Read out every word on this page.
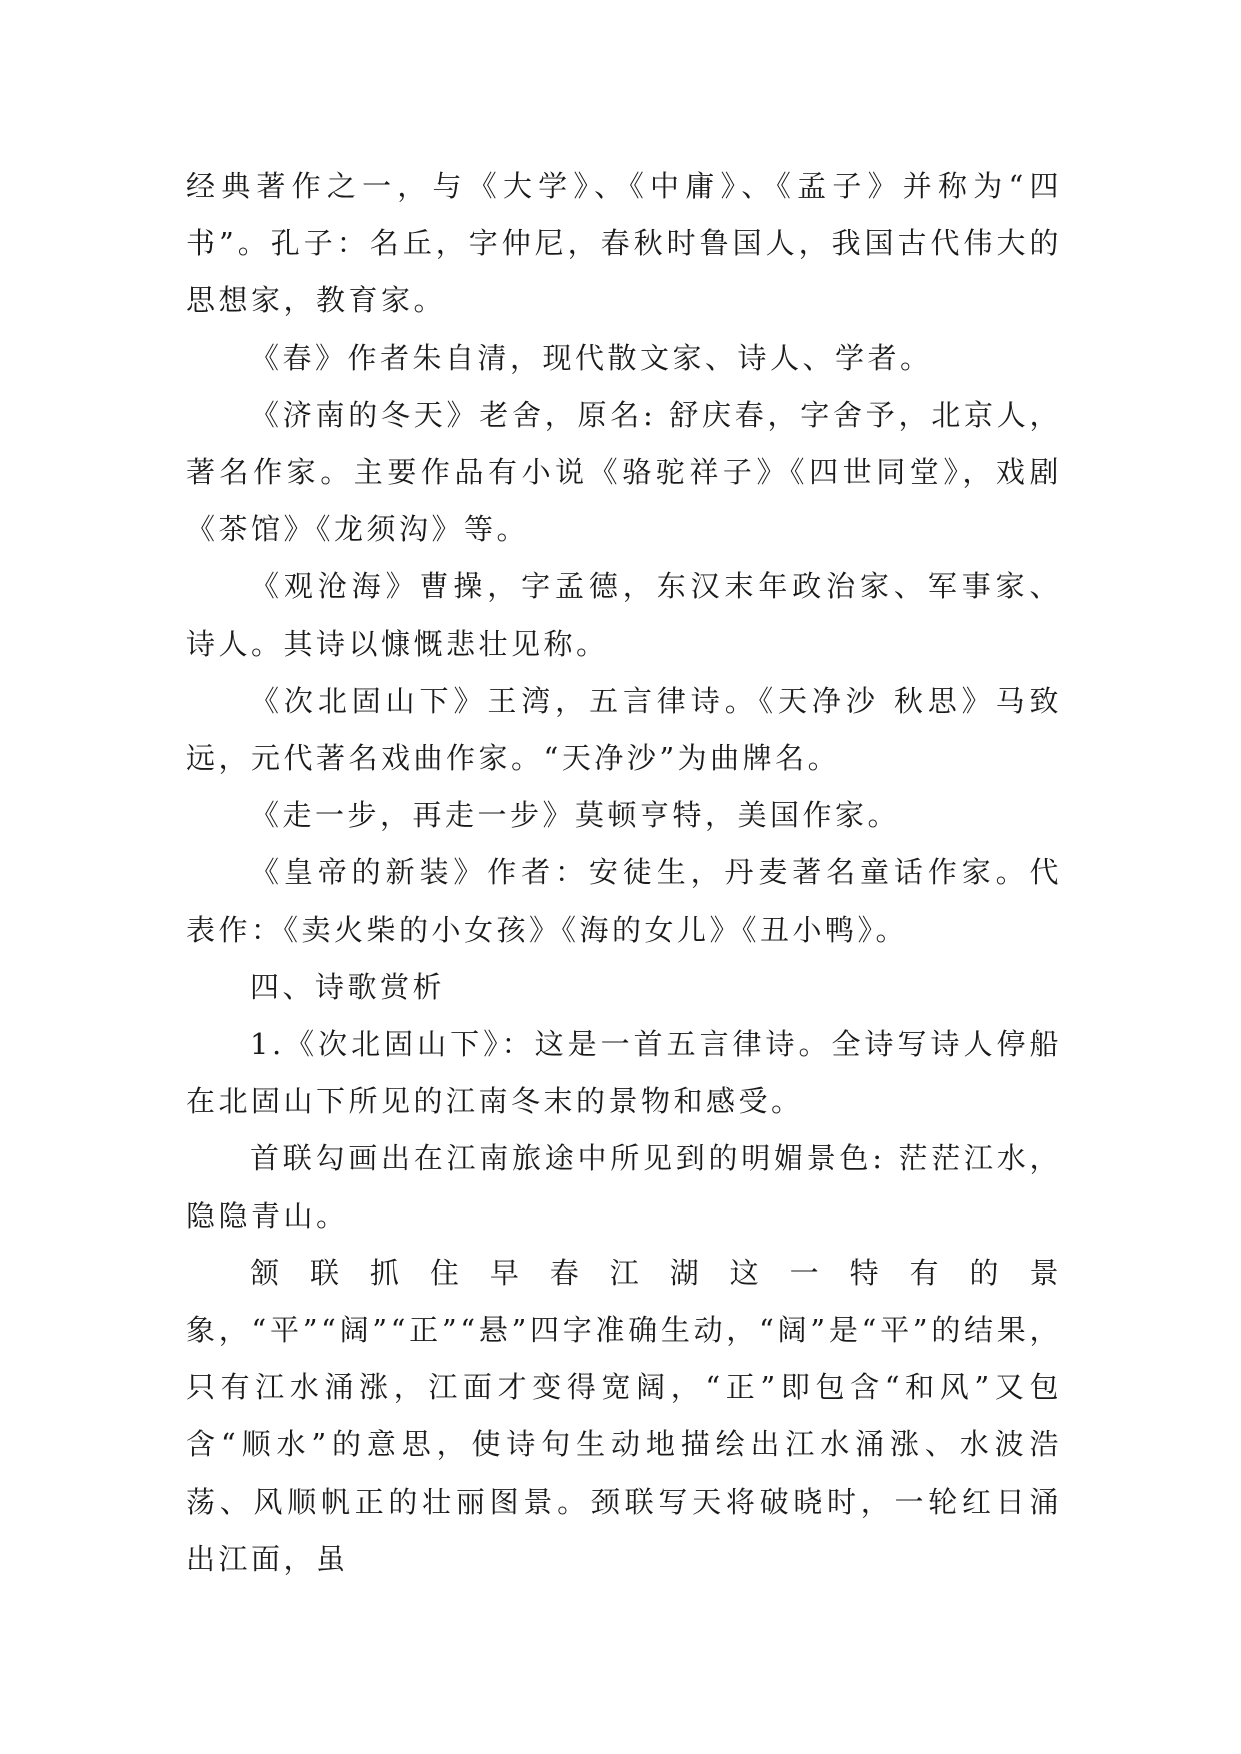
经典著作之一，与《大学》、《中庸》、《孟子》并称为“四书”。孔子：名丘，字仲尼，春秋时鲁国人，我国古代伟大的思想家，教育家。

《春》作者朱自清，现代散文家、诗人、学者。

《济南的冬天》老舍，原名: 舒庆春，字舍予，北京人，著名作家。主要作品有小说《骆驼祥子》《四世同堂》，戏剧《茶馆》《龙须沟》等。

《观沧海》曹操，字孟德，东汉末年政治家、军事家、诗人。其诗以慷慨悲壮见称。

《次北固山下》王湾，五言律诗。《天净沙 秋思》马致远，元代著名戏曲作家。“天净沙”为曲牌名。

《走一步，再走一步》莫顿亨特，美国作家。

《皇帝的新装》作者：安徒生，丹麦著名童话作家。代表作：《卖火柴的小女孩》《海的女儿》《丑小鸭》。

四、诗歌赏析

1.《次北固山下》：这是一首五言律诗。全诗写诗人停船在北固山下所见的江南冬末的景物和感受。

首联勾画出在江南旅途中所见到的明媚景色: 茫茫江水，隐隐青山。

颔联抓住早春江湖这一特有的景象，“平”“阔”“正”“悬”四字准确生动，“阔”是“平”的结果，只有江水涌涨，江面才变得宽阔，“正”即包含“和风”又包含“顺水”的意思，使诗句生动地描绘出江水涌涨、水波浩荡、风顺帆正的壮丽图景。颈联写天将破晓时，一轮红日涌出江面，虽
